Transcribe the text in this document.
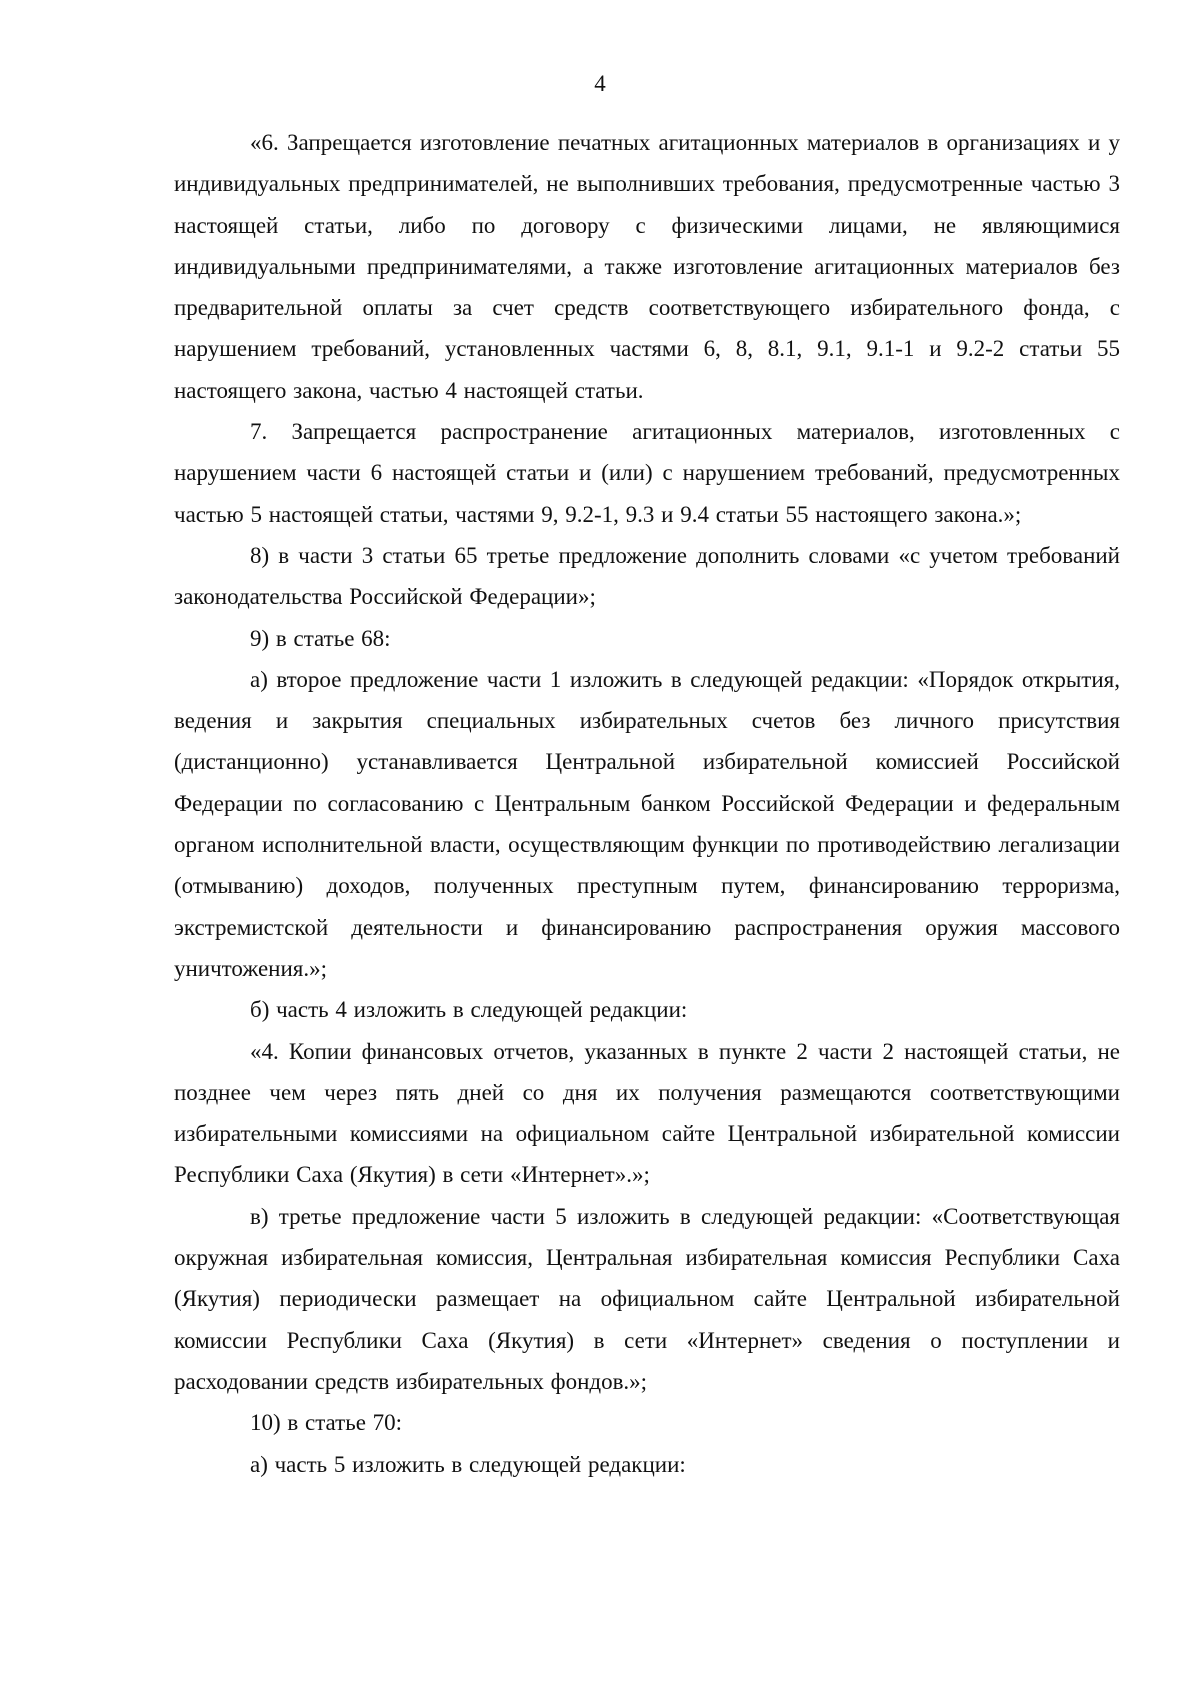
4

«6. Запрещается изготовление печатных агитационных материалов в организациях и у индивидуальных предпринимателей, не выполнивших требования, предусмотренные частью 3 настоящей статьи, либо по договору с физическими лицами, не являющимися индивидуальными предпринимателями, а также изготовление агитационных материалов без предварительной оплаты за счет средств соответствующего избирательного фонда, с нарушением требований, установленных частями 6, 8, 8.1, 9.1, 9.1-1 и 9.2-2 статьи 55 настоящего закона, частью 4 настоящей статьи.

7. Запрещается распространение агитационных материалов, изготовленных с нарушением части 6 настоящей статьи и (или) с нарушением требований, предусмотренных частью 5 настоящей статьи, частями 9, 9.2-1, 9.3 и 9.4 статьи 55 настоящего закона.»;

8) в части 3 статьи 65 третье предложение дополнить словами «с учетом требований законодательства Российской Федерации»;

9) в статье 68:

а) второе предложение части 1 изложить в следующей редакции: «Порядок открытия, ведения и закрытия специальных избирательных счетов без личного присутствия (дистанционно) устанавливается Центральной избирательной комиссией Российской Федерации по согласованию с Центральным банком Российской Федерации и федеральным органом исполнительной власти, осуществляющим функции по противодействию легализации (отмыванию) доходов, полученных преступным путем, финансированию терроризма, экстремистской деятельности и финансированию распространения оружия массового уничтожения.»;

б) часть 4 изложить в следующей редакции:

«4. Копии финансовых отчетов, указанных в пункте 2 части 2 настоящей статьи, не позднее чем через пять дней со дня их получения размещаются соответствующими избирательными комиссиями на официальном сайте Центральной избирательной комиссии Республики Саха (Якутия) в сети «Интернет».»;

в) третье предложение части 5 изложить в следующей редакции: «Соответствующая окружная избирательная комиссия, Центральная избирательная комиссия Республики Саха (Якутия) периодически размещает на официальном сайте Центральной избирательной комиссии Республики Саха (Якутия) в сети «Интернет» сведения о поступлении и расходовании средств избирательных фондов.»;

10) в статье 70:

а) часть 5 изложить в следующей редакции:
